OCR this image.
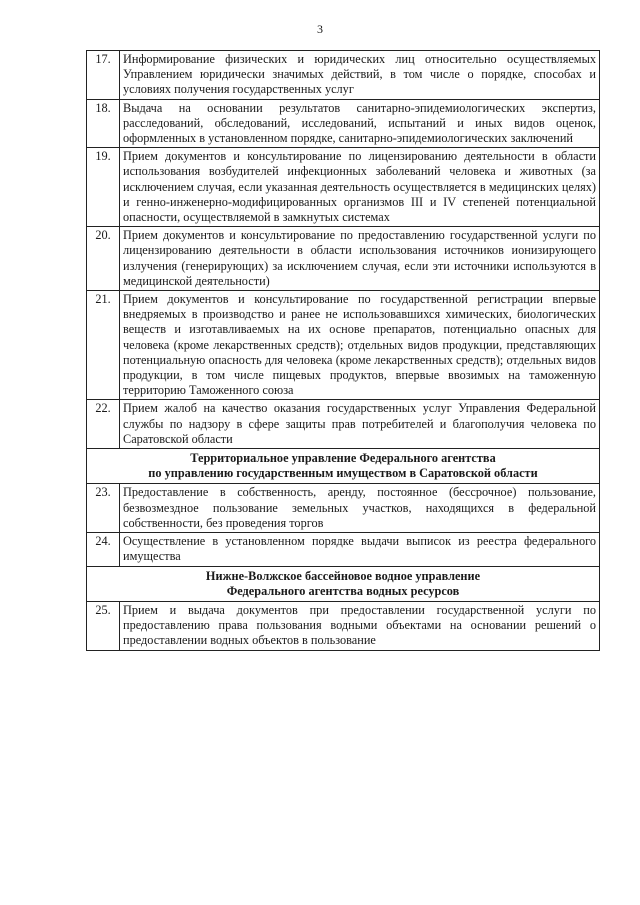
3
17.	Информирование физических и юридических лиц относительно осуществляемых Управлением юридически значимых действий, в том числе о порядке, способах и условиях получения государственных услуг
18.	Выдача на основании результатов санитарно-эпидемиологических экспертиз, расследований, обследований, исследований, испытаний и иных видов оценок, оформленных в установленном порядке, санитарно-эпидемиологических заключений
19.	Прием документов и консультирование по лицензированию деятельности в области использования возбудителей инфекционных заболеваний человека и животных (за исключением случая, если указанная деятельность осуществляется в медицинских целях) и генно-инженерно-модифицированных организмов III и IV степеней потенциальной опасности, осуществляемой в замкнутых системах
20.	Прием документов и консультирование по предоставлению государственной услуги по лицензированию деятельности в области использования источников ионизирующего излучения (генерирующих) за исключением случая, если эти источники используются в медицинской деятельности)
21.	Прием документов и консультирование по государственной регистрации впервые внедряемых в производство и ранее не использовавшихся химических, биологических веществ и изготавливаемых на их основе препаратов, потенциально опасных для человека (кроме лекарственных средств); отдельных видов продукции, представляющих потенциальную опасность для человека (кроме лекарственных средств); отдельных видов продукции, в том числе пищевых продуктов, впервые ввозимых на таможенную территорию Таможенного союза
22.	Прием жалоб на качество оказания государственных услуг Управления Федеральной службы по надзору в сфере защиты прав потребителей и благополучия человека по Саратовской области

Территориальное управление Федерального агентства
по управлению государственным имуществом в Саратовской области	

23.	Предоставление в собственность, аренду, постоянное (бессрочное) пользование, безвозмездное пользование земельных участков, находящихся в федеральной собственности, без проведения торгов
24.	Осуществление в установленном порядке выдачи выписок из реестра федерального имущества

Нижне-Волжское бассейновое водное управление
Федерального агентства водных ресурсов	

25.	Прием и выдача документов при предоставлении государственной услуги по предоставлению права пользования водными объектами на основании решений о предоставлении водных объектов в пользование
